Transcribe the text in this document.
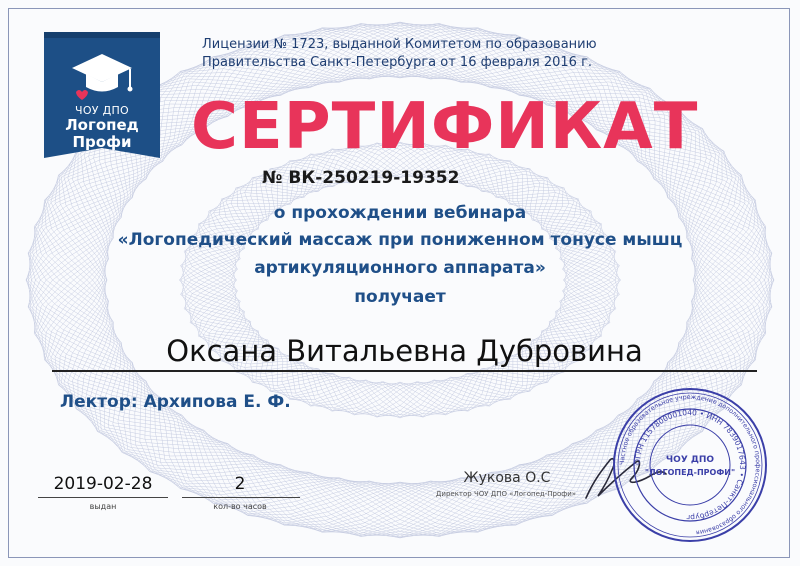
ЧОУ ДПО
Логопед
Профи
Лицензии № 1723, выданной Комитетом по образованию
Правительства Санкт-Петербурга от 16 февраля 2016 г.
СЕРТИФИКАТ
№ ВК-250219-19352
о прохождении вебинара
«Логопедический массаж при пониженном тонусе мышц
артикуляционного аппарата»
получает
Оксана Витальевна Дубровина
Лектор: Архипова Е. Ф.
2019-02-28
выдан
2
кол-во часов
Жукова О.С
Директор ЧОУ ДПО «Логопед-Профи»
Частное образовательное учреждение дополнительного профессионального образования
ОГРН 1157800001040 • ИНН 7839017643 • Санкт-Петербург
ЧОУ ДПО
"ЛОГОПЕД-ПРОФИ"
